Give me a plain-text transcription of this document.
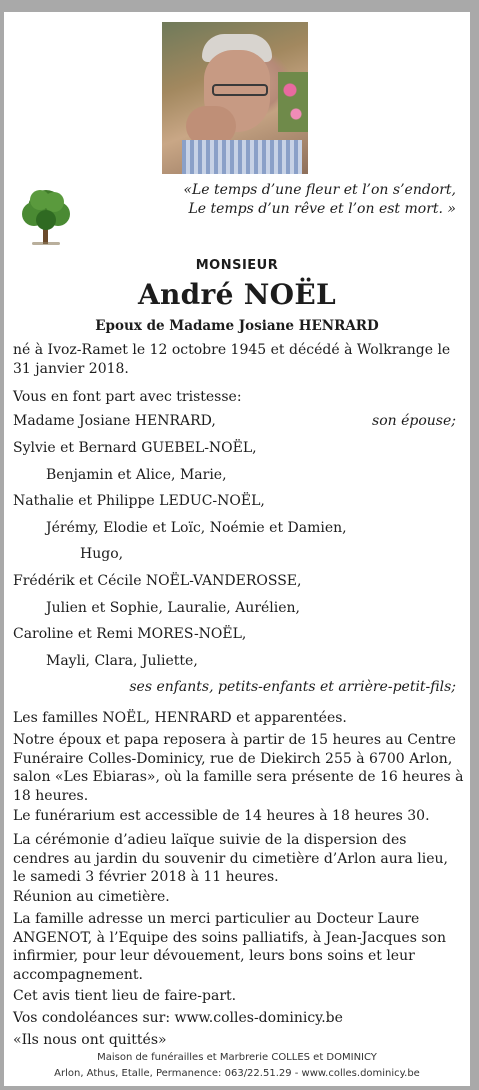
«Le temps d’une fleur et l’on s’endort,
Le temps d’un rêve et l’on est mort. »
MONSIEUR
André NOËL
Epoux de Madame Josiane HENRARD
né à Ivoz-Ramet le 12 octobre 1945 et décédé à Wolkrange le 31 janvier 2018.
Vous en font part avec tristesse:
Madame Josiane HENRARD,	son épouse;
Sylvie et Bernard GUEBEL-NOËL,
Benjamin et Alice, Marie,
Nathalie et Philippe LEDUC-NOËL,
Jérémy, Elodie et Loïc, Noémie et Damien,
Hugo,
Frédérik et Cécile NOËL-VANDEROSSE,
Julien et Sophie, Lauralie, Aurélien,
Caroline et Remi MORES-NOËL,
Mayli, Clara, Juliette,
ses enfants, petits-enfants et arrière-petit-fils;
Les familles NOËL, HENRARD et apparentées.
Notre époux et papa reposera à partir de 15 heures au Centre Funéraire Colles-Dominicy, rue de Diekirch 255 à 6700 Arlon, salon «Les Ebiaras», où la famille sera présente de 16 heures à 18 heures.
Le funérarium est accessible de 14 heures à 18 heures 30.
La cérémonie d’adieu laïque suivie de la dispersion des cendres au jardin du souvenir du cimetière d’Arlon aura lieu, le samedi 3 février 2018 à 11 heures.
Réunion au cimetière.
La famille adresse un merci particulier au Docteur Laure ANGENOT, à l’Equipe des soins palliatifs, à Jean-Jacques son infirmier, pour leur dévouement, leurs bons soins et leur accompagnement.
Cet avis tient lieu de faire-part.
Vos condoléances sur: www.colles-dominicy.be
«Ils nous ont quittés»
Maison de funérailles et Marbrerie COLLES et DOMINICY
Arlon, Athus, Etalle, Permanence: 063/22.51.29 - www.colles.dominicy.be
